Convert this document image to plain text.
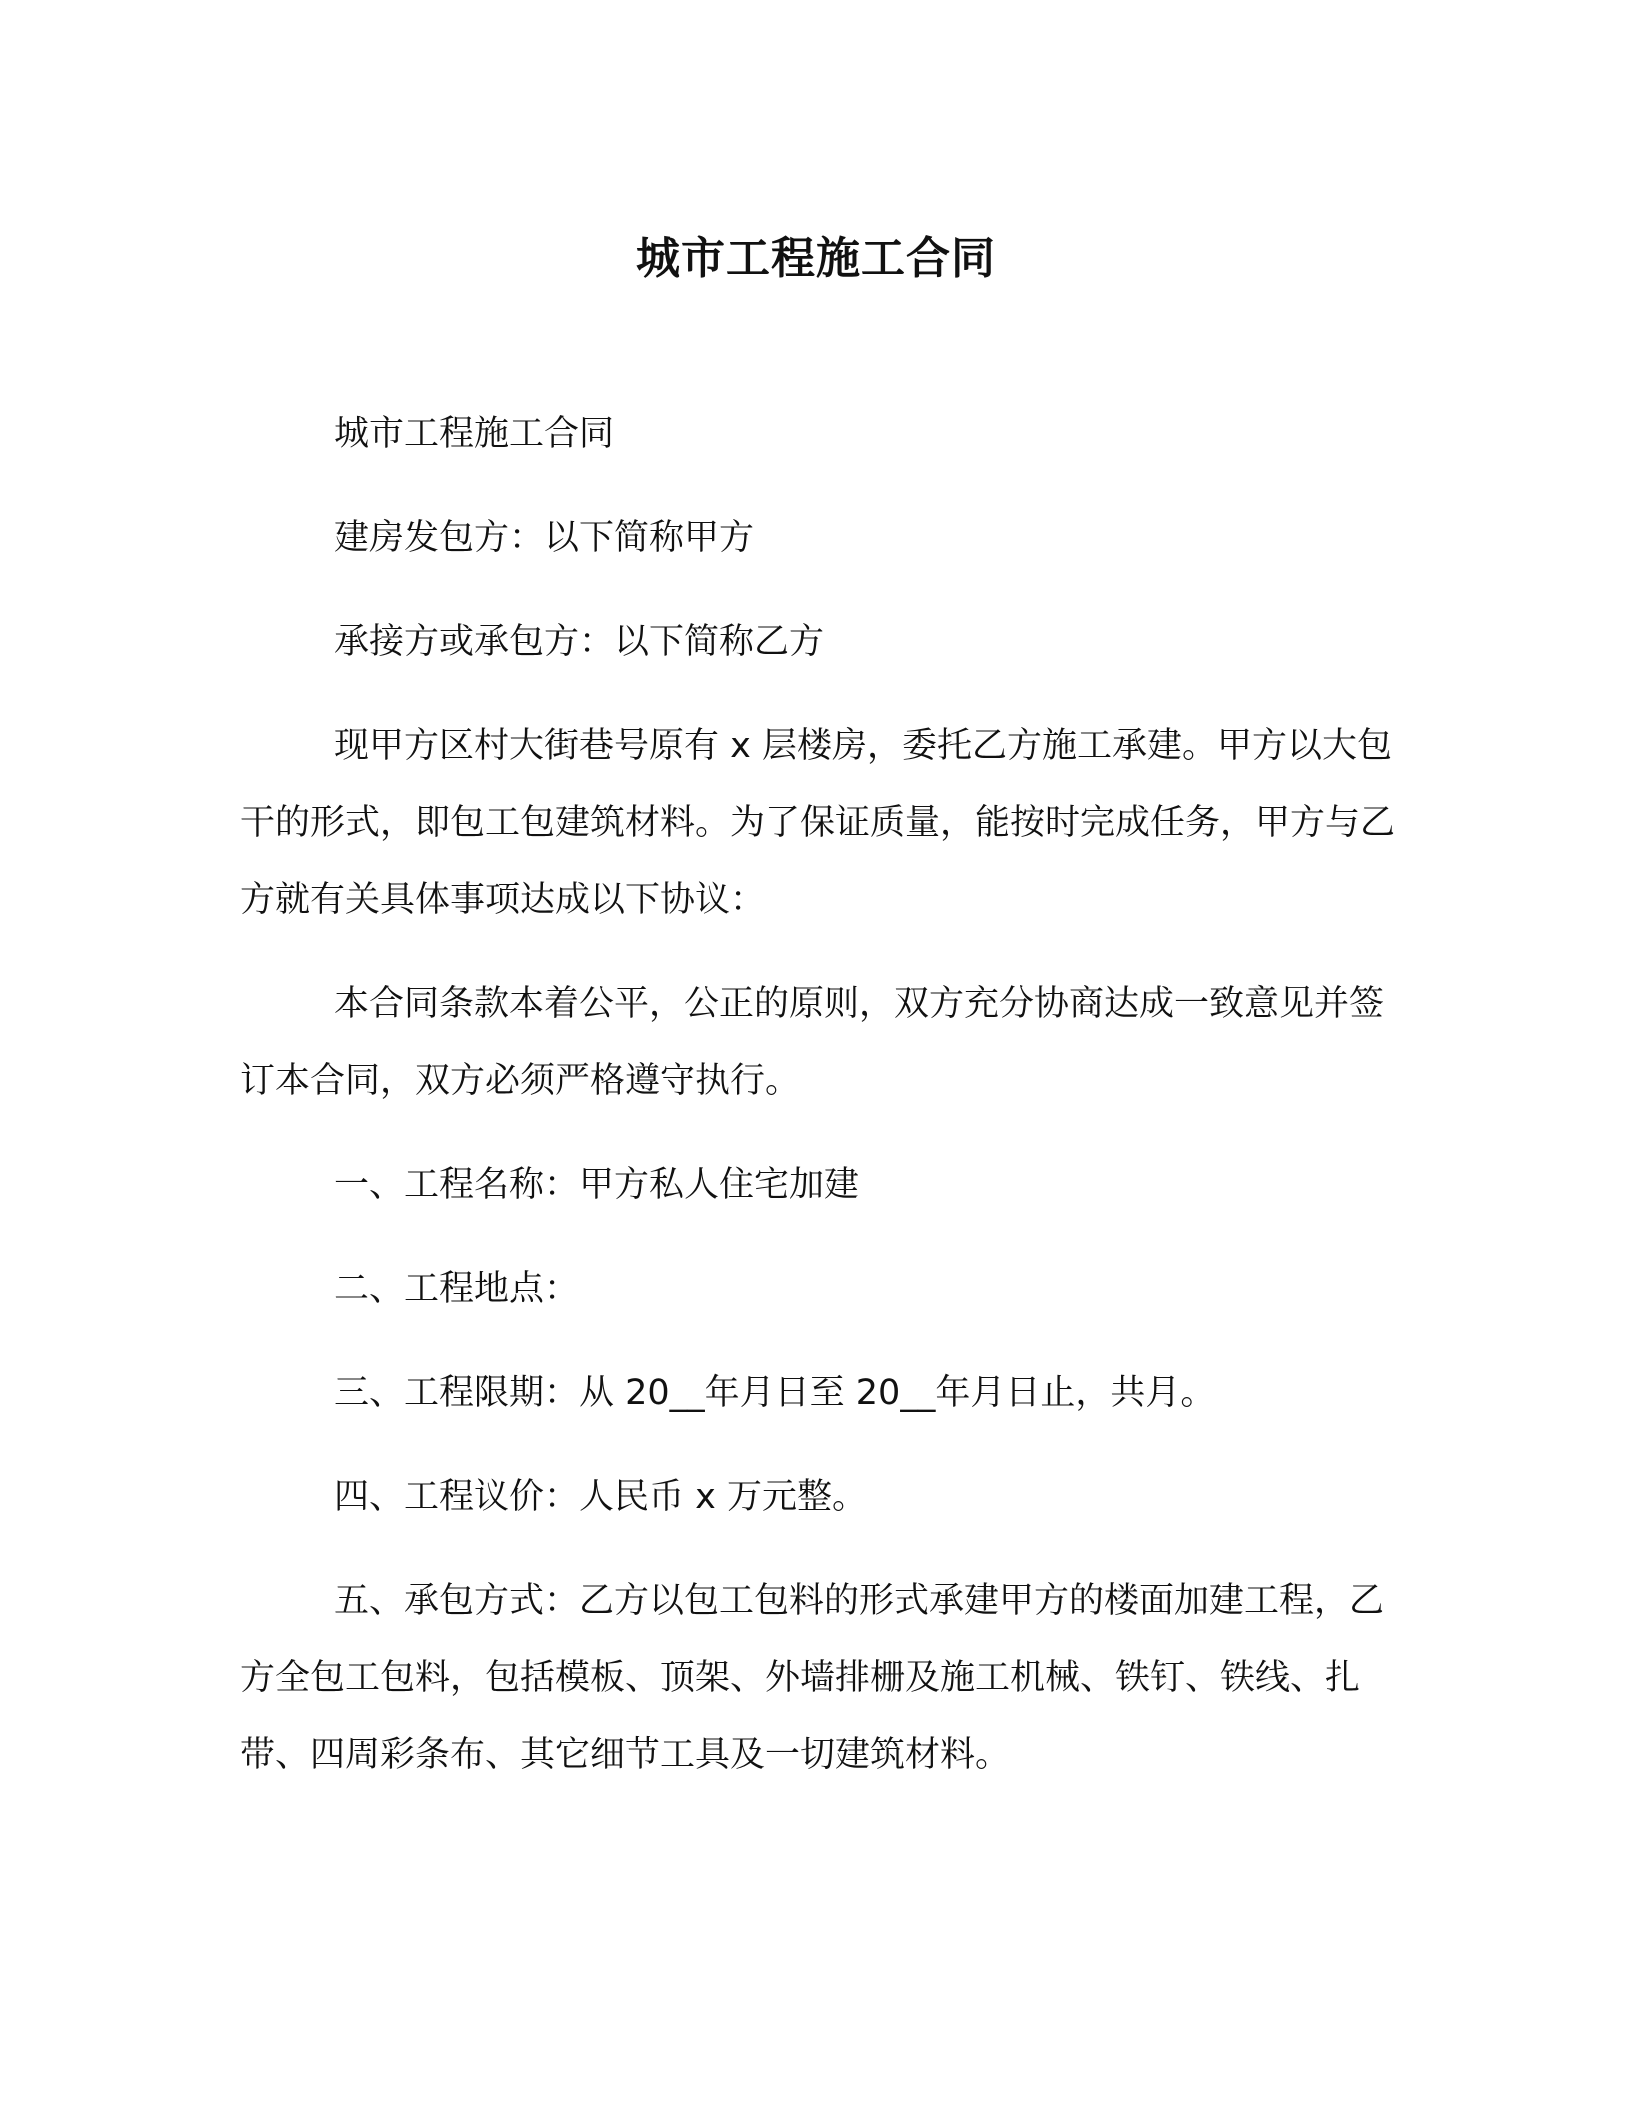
城市工程施工合同

城市工程施工合同

建房发包方：以下简称甲方

承接方或承包方：以下简称乙方

现甲方区村大街巷号原有 x 层楼房，委托乙方施工承建。甲方以大包干的形式，即包工包建筑材料。为了保证质量，能按时完成任务，甲方与乙方就有关具体事项达成以下协议：

本合同条款本着公平，公正的原则，双方充分协商达成一致意见并签订本合同，双方必须严格遵守执行。

一、工程名称：甲方私人住宅加建

二、工程地点：

三、工程限期：从 20__年月日至 20__年月日止，共月。

四、工程议价：人民币 x 万元整。

五、承包方式：乙方以包工包料的形式承建甲方的楼面加建工程，乙方全包工包料，包括模板、顶架、外墙排栅及施工机械、铁钉、铁线、扎带、四周彩条布、其它细节工具及一切建筑材料。
